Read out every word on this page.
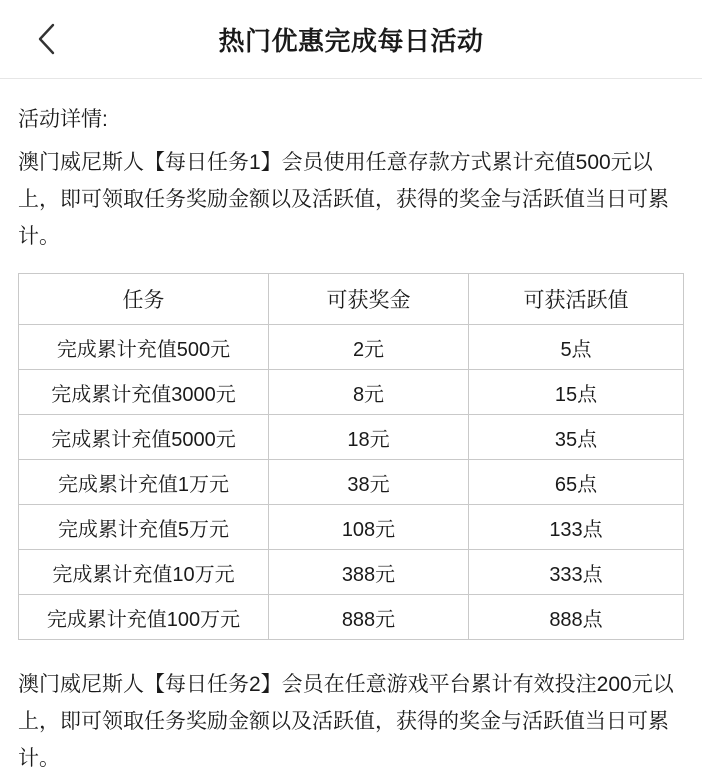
热门优惠完成每日活动

活动详情:

澳门威尼斯人【每日任务1】会员使用任意存款方式累计充值500元以上，即可领取任务奖励金额以及活跃值，获得的奖金与活跃值当日可累计。

任务	可获奖金	可获活跃值
完成累计充值500元	2元	5点
完成累计充值3000元	8元	15点
完成累计充值5000元	18元	35点
完成累计充值1万元	38元	65点
完成累计充值5万元	108元	133点
完成累计充值10万元	388元	333点
完成累计充值100万元	888元	888点

澳门威尼斯人【每日任务2】会员在任意游戏平台累计有效投注200元以上，即可领取任务奖励金额以及活跃值，获得的奖金与活跃值当日可累计。
